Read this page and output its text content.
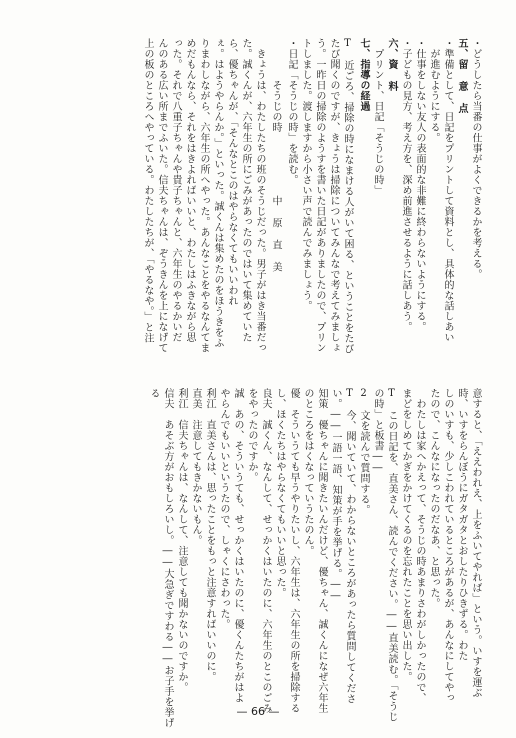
・どうしたら当番の仕事がよくできるかを考える。
五、留 意 点
・準備として、日記をプリントして資料とし、具体的な話しあい
　が進むようにする。
・仕事をしない友人の表面的な非難に終わらないようにする。
・子どもの見方、考え方を、深め前進させるように話しあう。
六、資 料
　プリント、日記「そうじの時」
七、指導の経過
T　近ごろ、掃除の時になまける人がいて困る、ということをたび
たび聞くのですが、きょうは掃除についてみんなで考えてみましょ
う。一昨日の掃除のようすを書いた日記がありましたので、プリン
トしました。渡しますから小さい声で読んでみましょう。
・日記「そうじの時」を読む。
　　　　そうじの時　　　　　　中 原 直 美
　きょうは、わたしたちの班のそうじだった。男子がはき当番だっ
た。誠くんが、六年生の所にごみがあったのではいて集めていた
ら、優ちゃんが、「そんなとこのはやらなくてもいいわれ
ぇ。はようやらんか。」といった。誠くんは集めたのをほうきをふ
りまわしながら、六年生の所へやった。あんなことをやるなんてま
めだもんなら、それをはきよればいいと、わたしはふきながら思
った。それで八重子ちゃんや貴子ちゃんと、六年生のやるかいだ
んのある広い所までふいた。信夫ちゃんは、ぞうきんを上になげて
上の板のところへやっている。わたしたちが、「やるなや。」と注
意すると、「ええわれえ、上をふいてやれば」という。いすを運ぶ
時、いすをらんぼうにガタガタとおしたりひきずる。わた
しのいすも、少しこわれているところがあるが、あんなにしてやっ
たので、こんなになったのだなあ、と思った。
　わたしは家へかえって、そうじの時あまりさわがしかったので、
まどをしめてかぎをかけてくるのを忘れたことを思い出した。
T　この日記を、直美さん、読んでください。――直美読む。「そうじ
の時」と板書――
2　文を読んで質問する。
T　今、聞いていて、わからないところがあったら質問してくださ
い。――一語一語、知策が手を挙げる。――
知策　優ちゃんに聞きたいんだけど、優ちゃん、誠くんになぜ六年生
のところをはくなっていうたのん。
優　そういうても早うやりたいし、六年生は、六年生の所を掃除する
し、ほくたちはやらなくてもいいと思った。
良夫　誠くん、なんして、せっかくはいたのに、六年生のとこのごみ
をやったのですか。
誠　あの、そういうても、せっかくはいたのに、優くんたちがはよ
やらんでもいいというたので、しゃくにさわった。
利江　直美さんは、思ったことをもっと注意すればいいのに。
直美　注意してもきかないもん。
利江　信夫ちゃんは、なんして、注意しても聞かないのですか。
信夫　あそぶ方がおもしろいし。――大急ぎですわる――お子手を挙げ
る
— 66 —
